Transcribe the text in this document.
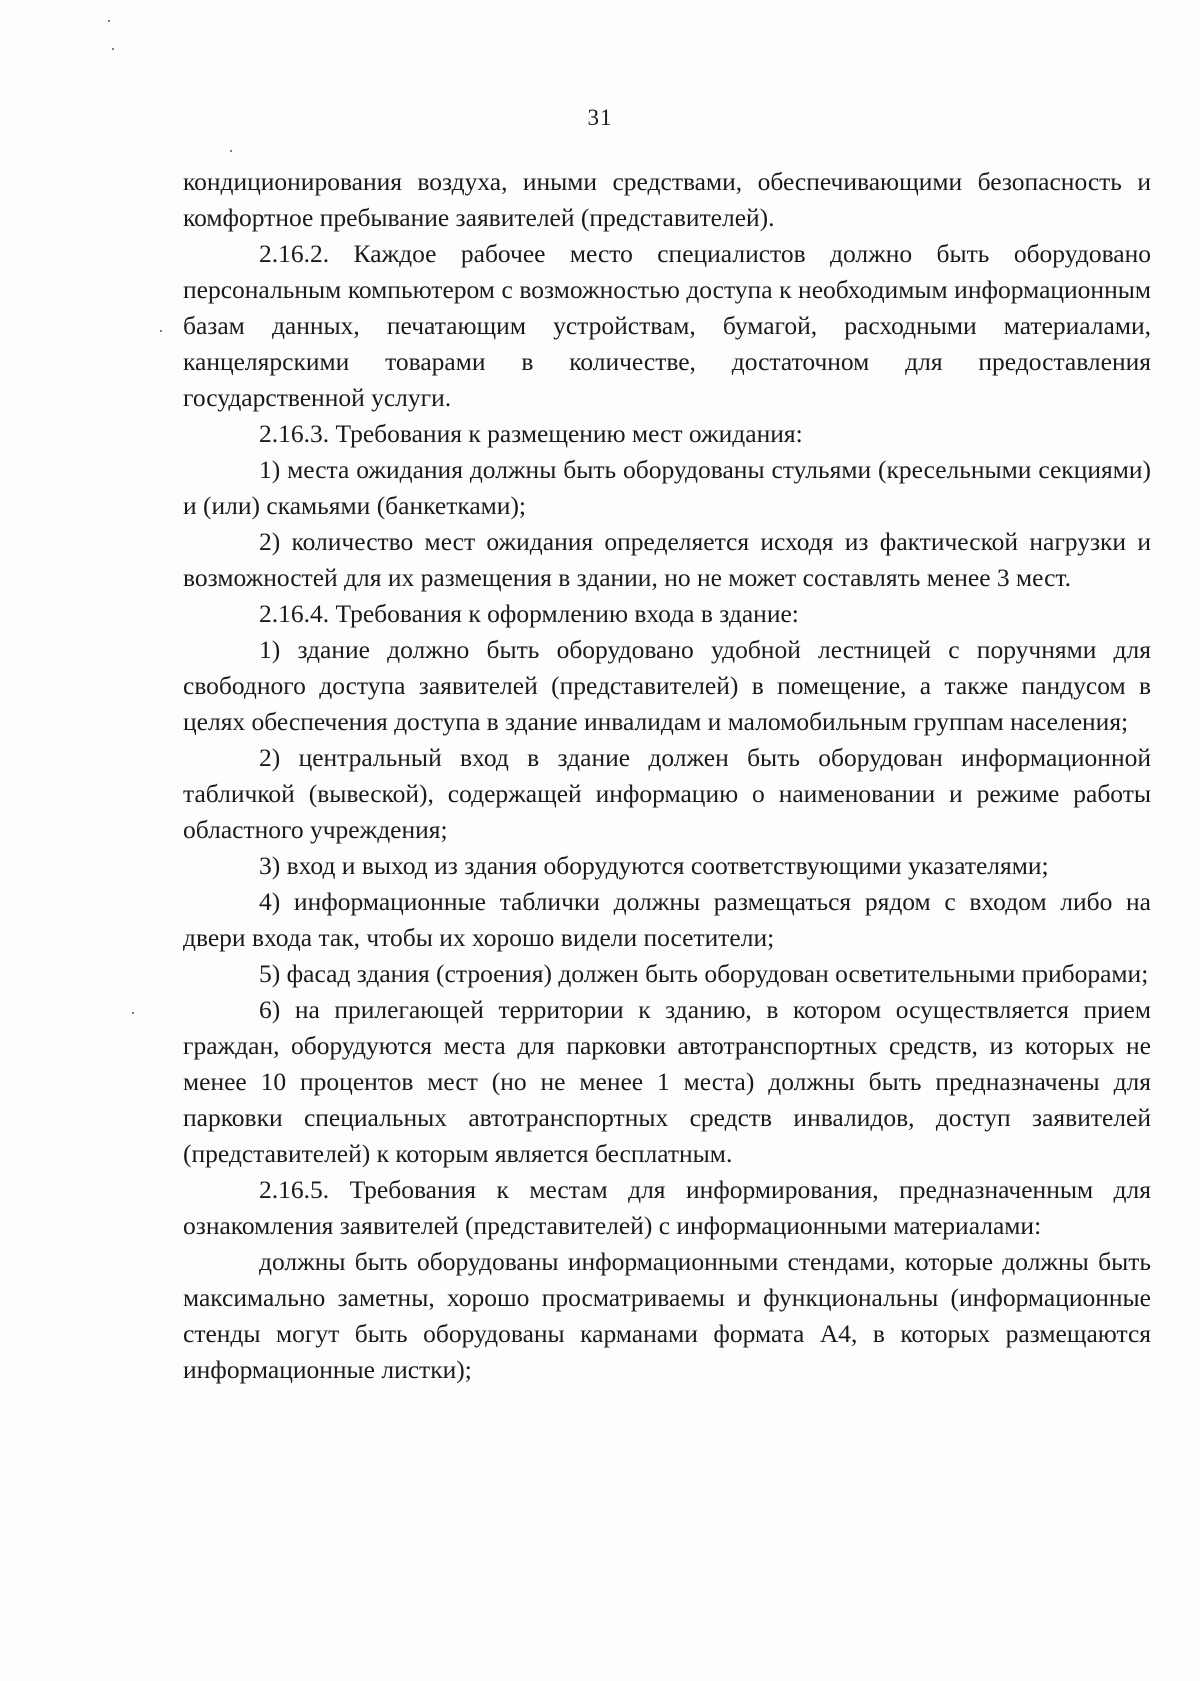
31

кондиционирования воздуха, иными средствами, обеспечивающими безопасность и комфортное пребывание заявителей (представителей).

2.16.2. Каждое рабочее место специалистов должно быть оборудовано персональным компьютером с возможностью доступа к необходимым информационным базам данных, печатающим устройствам, бумагой, расходными материалами, канцелярскими товарами в количестве, достаточном для предоставления государственной услуги.

2.16.3. Требования к размещению мест ожидания:

1) места ожидания должны быть оборудованы стульями (кресельными секциями) и (или) скамьями (банкетками);

2) количество мест ожидания определяется исходя из фактической нагрузки и возможностей для их размещения в здании, но не может составлять менее 3 мест.

2.16.4. Требования к оформлению входа в здание:

1) здание должно быть оборудовано удобной лестницей с поручнями для свободного доступа заявителей (представителей) в помещение, а также пандусом в целях обеспечения доступа в здание инвалидам и маломобильным группам населения;

2) центральный вход в здание должен быть оборудован информационной табличкой (вывеской), содержащей информацию о наименовании и режиме работы областного учреждения;

3) вход и выход из здания оборудуются соответствующими указателями;

4) информационные таблички должны размещаться рядом с входом либо на двери входа так, чтобы их хорошо видели посетители;

5) фасад здания (строения) должен быть оборудован осветительными приборами;

6) на прилегающей территории к зданию, в котором осуществляется прием граждан, оборудуются места для парковки автотранспортных средств, из которых не менее 10 процентов мест (но не менее 1 места) должны быть предназначены для парковки специальных автотранспортных средств инвалидов, доступ заявителей (представителей) к которым является бесплатным.

2.16.5. Требования к местам для информирования, предназначенным для ознакомления заявителей (представителей) с информационными материалами:

должны быть оборудованы информационными стендами, которые должны быть максимально заметны, хорошо просматриваемы и функциональны (информационные стенды могут быть оборудованы карманами формата А4, в которых размещаются информационные листки);
